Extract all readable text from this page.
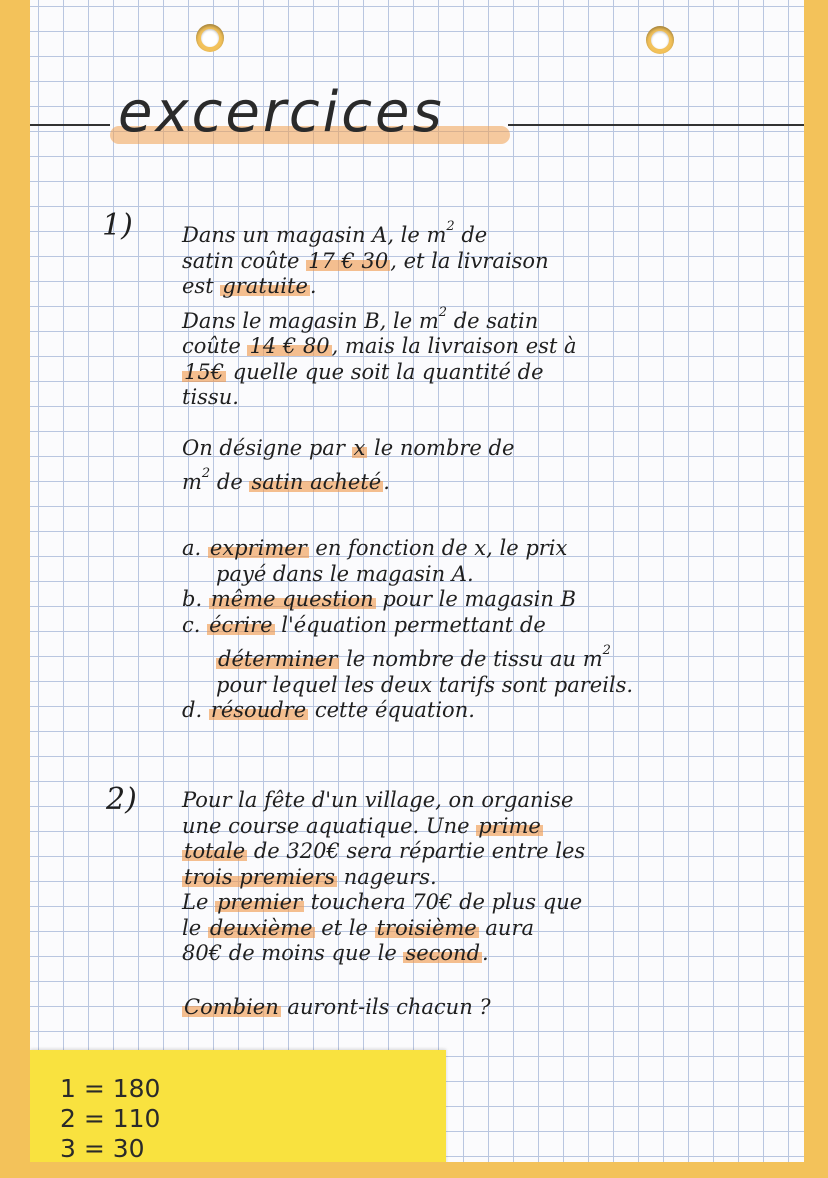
excercices
1) Dans un magasin A, le $m^2$ de
satin coûte 17 € 30, et la livraison
est gratuite.
Dans le magasin B, le $m^2$ de satin
coûte 14 € 80, mais la livraison est à
15€ quelle que soit la quantité de
tissu.
On désigne par x le nombre de
$m^2$ de satin acheté.
a. exprimer en fonction de x, le prix
payé dans le magasin A.
b. même question pour le magasin B
c. écrire l'équation permettant de
déterminer le nombre de tissu au $m^2$
pour lequel les deux tarifs sont pareils.
d. résoudre cette équation.
2) Pour la fête d'un village, on organise
une course aquatique. Une prime
totale de 320€ sera répartie entre les
trois premiers nageurs.
Le premier touchera 70€ de plus que
le deuxième et le troisième aura
80€ de moins que le second.
Combien auront-ils chacun ?
1 = 180
2 = 110
3 = 30
